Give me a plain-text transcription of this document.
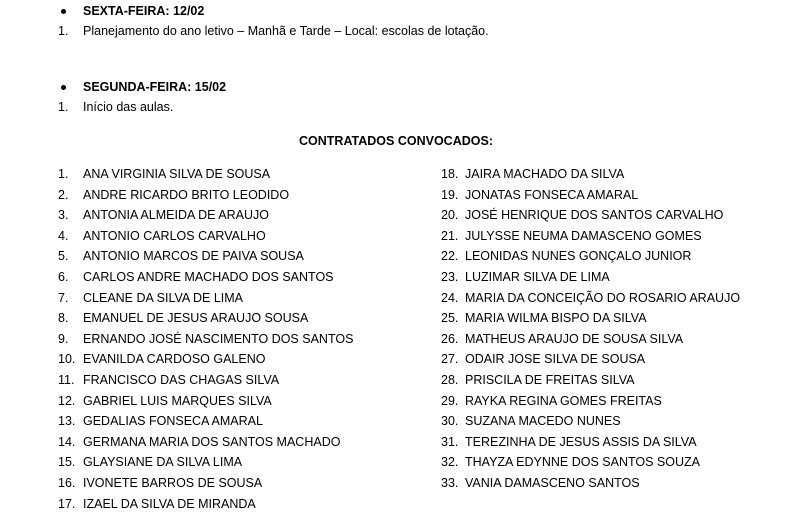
SEXTA-FEIRA: 12/02
1. Planejamento do ano letivo – Manhã e Tarde – Local: escolas de lotação.
SEGUNDA-FEIRA: 15/02
1. Início das aulas.
CONTRATADOS CONVOCADOS:
1. ANA VIRGINIA SILVA DE SOUSA
2. ANDRE RICARDO BRITO LEODIDO
3. ANTONIA ALMEIDA DE ARAUJO
4. ANTONIO CARLOS CARVALHO
5. ANTONIO MARCOS DE PAIVA SOUSA
6. CARLOS ANDRE MACHADO DOS SANTOS
7. CLEANE DA SILVA DE LIMA
8. EMANUEL DE JESUS ARAUJO SOUSA
9. ERNANDO JOSÉ NASCIMENTO DOS SANTOS
10. EVANILDA CARDOSO GALENO
11. FRANCISCO DAS CHAGAS SILVA
12. GABRIEL LUIS MARQUES SILVA
13. GEDALIAS FONSECA AMARAL
14. GERMANA MARIA DOS SANTOS MACHADO
15. GLAYSIANE DA SILVA LIMA
16. IVONETE BARROS DE SOUSA
17. IZAEL DA SILVA DE MIRANDA
18. JAIRA MACHADO DA SILVA
19. JONATAS FONSECA AMARAL
20. JOSÉ HENRIQUE DOS SANTOS CARVALHO
21. JULYSSE NEUMA DAMASCENO GOMES
22. LEONIDAS NUNES GONÇALO JUNIOR
23. LUZIMAR SILVA DE LIMA
24. MARIA DA CONCEIÇÃO DO ROSARIO ARAUJO
25. MARIA WILMA BISPO DA SILVA
26. MATHEUS ARAUJO DE SOUSA SILVA
27. ODAIR JOSE SILVA DE SOUSA
28. PRISCILA DE FREITAS SILVA
29. RAYKA REGINA GOMES FREITAS
30. SUZANA MACEDO NUNES
31. TEREZINHA DE JESUS ASSIS DA SILVA
32. THAYZA EDYNNE DOS SANTOS SOUZA
33. VANIA DAMASCENO SANTOS
